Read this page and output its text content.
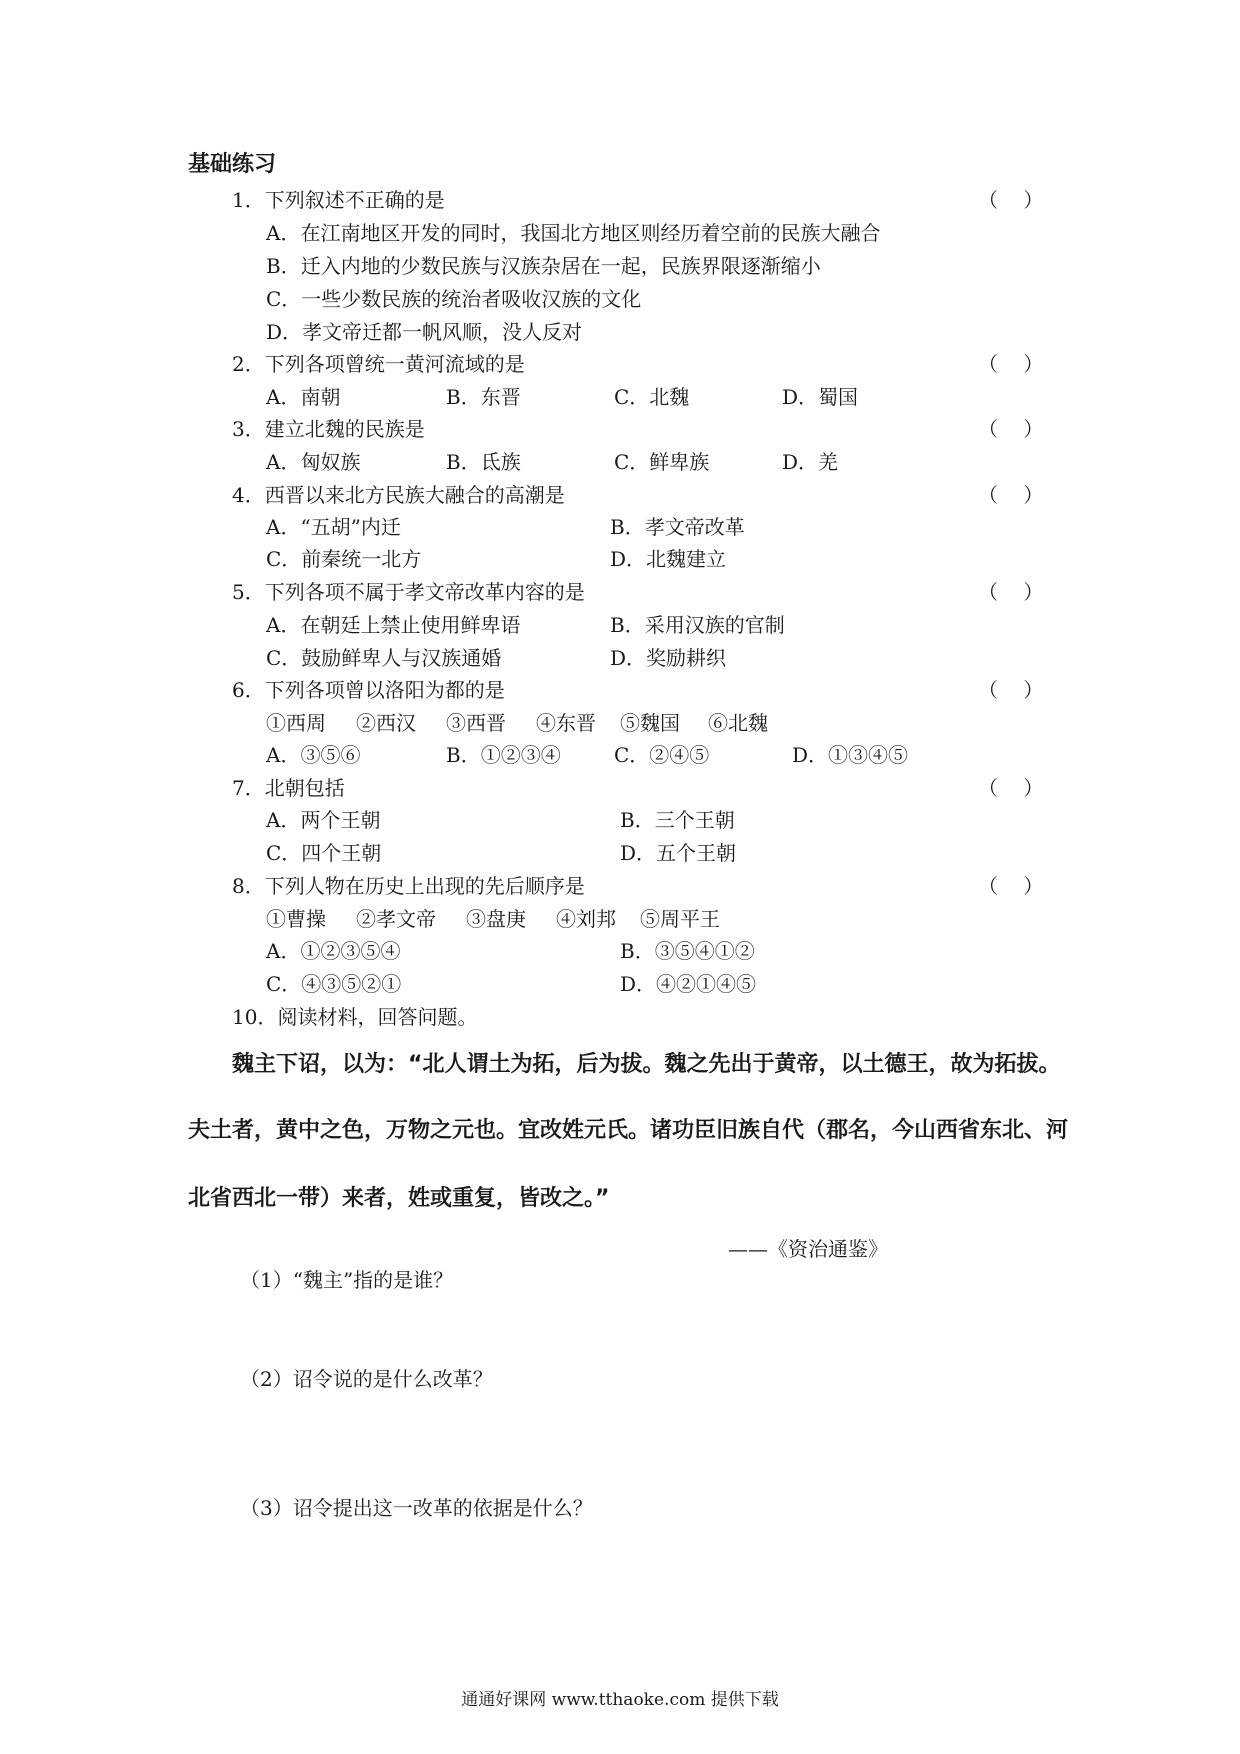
基础练习
1．下列叙述不正确的是	（    ）
A．在江南地区开发的同时，我国北方地区则经历着空前的民族大融合
B．迁入内地的少数民族与汉族杂居在一起，民族界限逐渐缩小
C．一些少数民族的统治者吸收汉族的文化
D．孝文帝迁都一帆风顺，没人反对
2．下列各项曾统一黄河流域的是	（    ）
A．南朝	B．东晋	C．北魏	D．蜀国
3．建立北魏的民族是	（    ）
A．匈奴族	B．氐族	C．鲜卑族	D．羌
4．西晋以来北方民族大融合的高潮是	（    ）
A．“五胡”内迁	B．孝文帝改革
C．前秦统一北方	D．北魏建立
5．下列各项不属于孝文帝改革内容的是	（    ）
A．在朝廷上禁止使用鲜卑语	B．采用汉族的官制
C．鼓励鲜卑人与汉族通婚	D．奖励耕织
6．下列各项曾以洛阳为都的是	（    ）
①西周 ②西汉 ③西晋 ④东晋 ⑤魏国 ⑥北魏
A．③⑤⑥	B．①②③④	C．②④⑤	D．①③④⑤
7．北朝包括	（    ）
A．两个王朝	B．三个王朝
C．四个王朝	D．五个王朝
8．下列人物在历史上出现的先后顺序是	（    ）
①曹操 ②孝文帝 ③盘庚 ④刘邦 ⑤周平王
A．①②③⑤④	B．③⑤④①②
C．④③⑤②①	D．④②①④⑤
10．阅读材料，回答问题。
魏主下诏，以为：“北人谓土为拓，后为拔。魏之先出于黄帝，以土德王，故为拓拔。
夫土者，黄中之色，万物之元也。宜改姓元氏。诸功臣旧族自代（郡名，今山西省东北、河
北省西北一带）来者，姓或重复，皆改之。”
——《资治通鉴》
（1）“魏主”指的是谁？
（2）诏令说的是什么改革？
（3）诏令提出这一改革的依据是什么？
通通好课网 www.tthaoke.com 提供下载
